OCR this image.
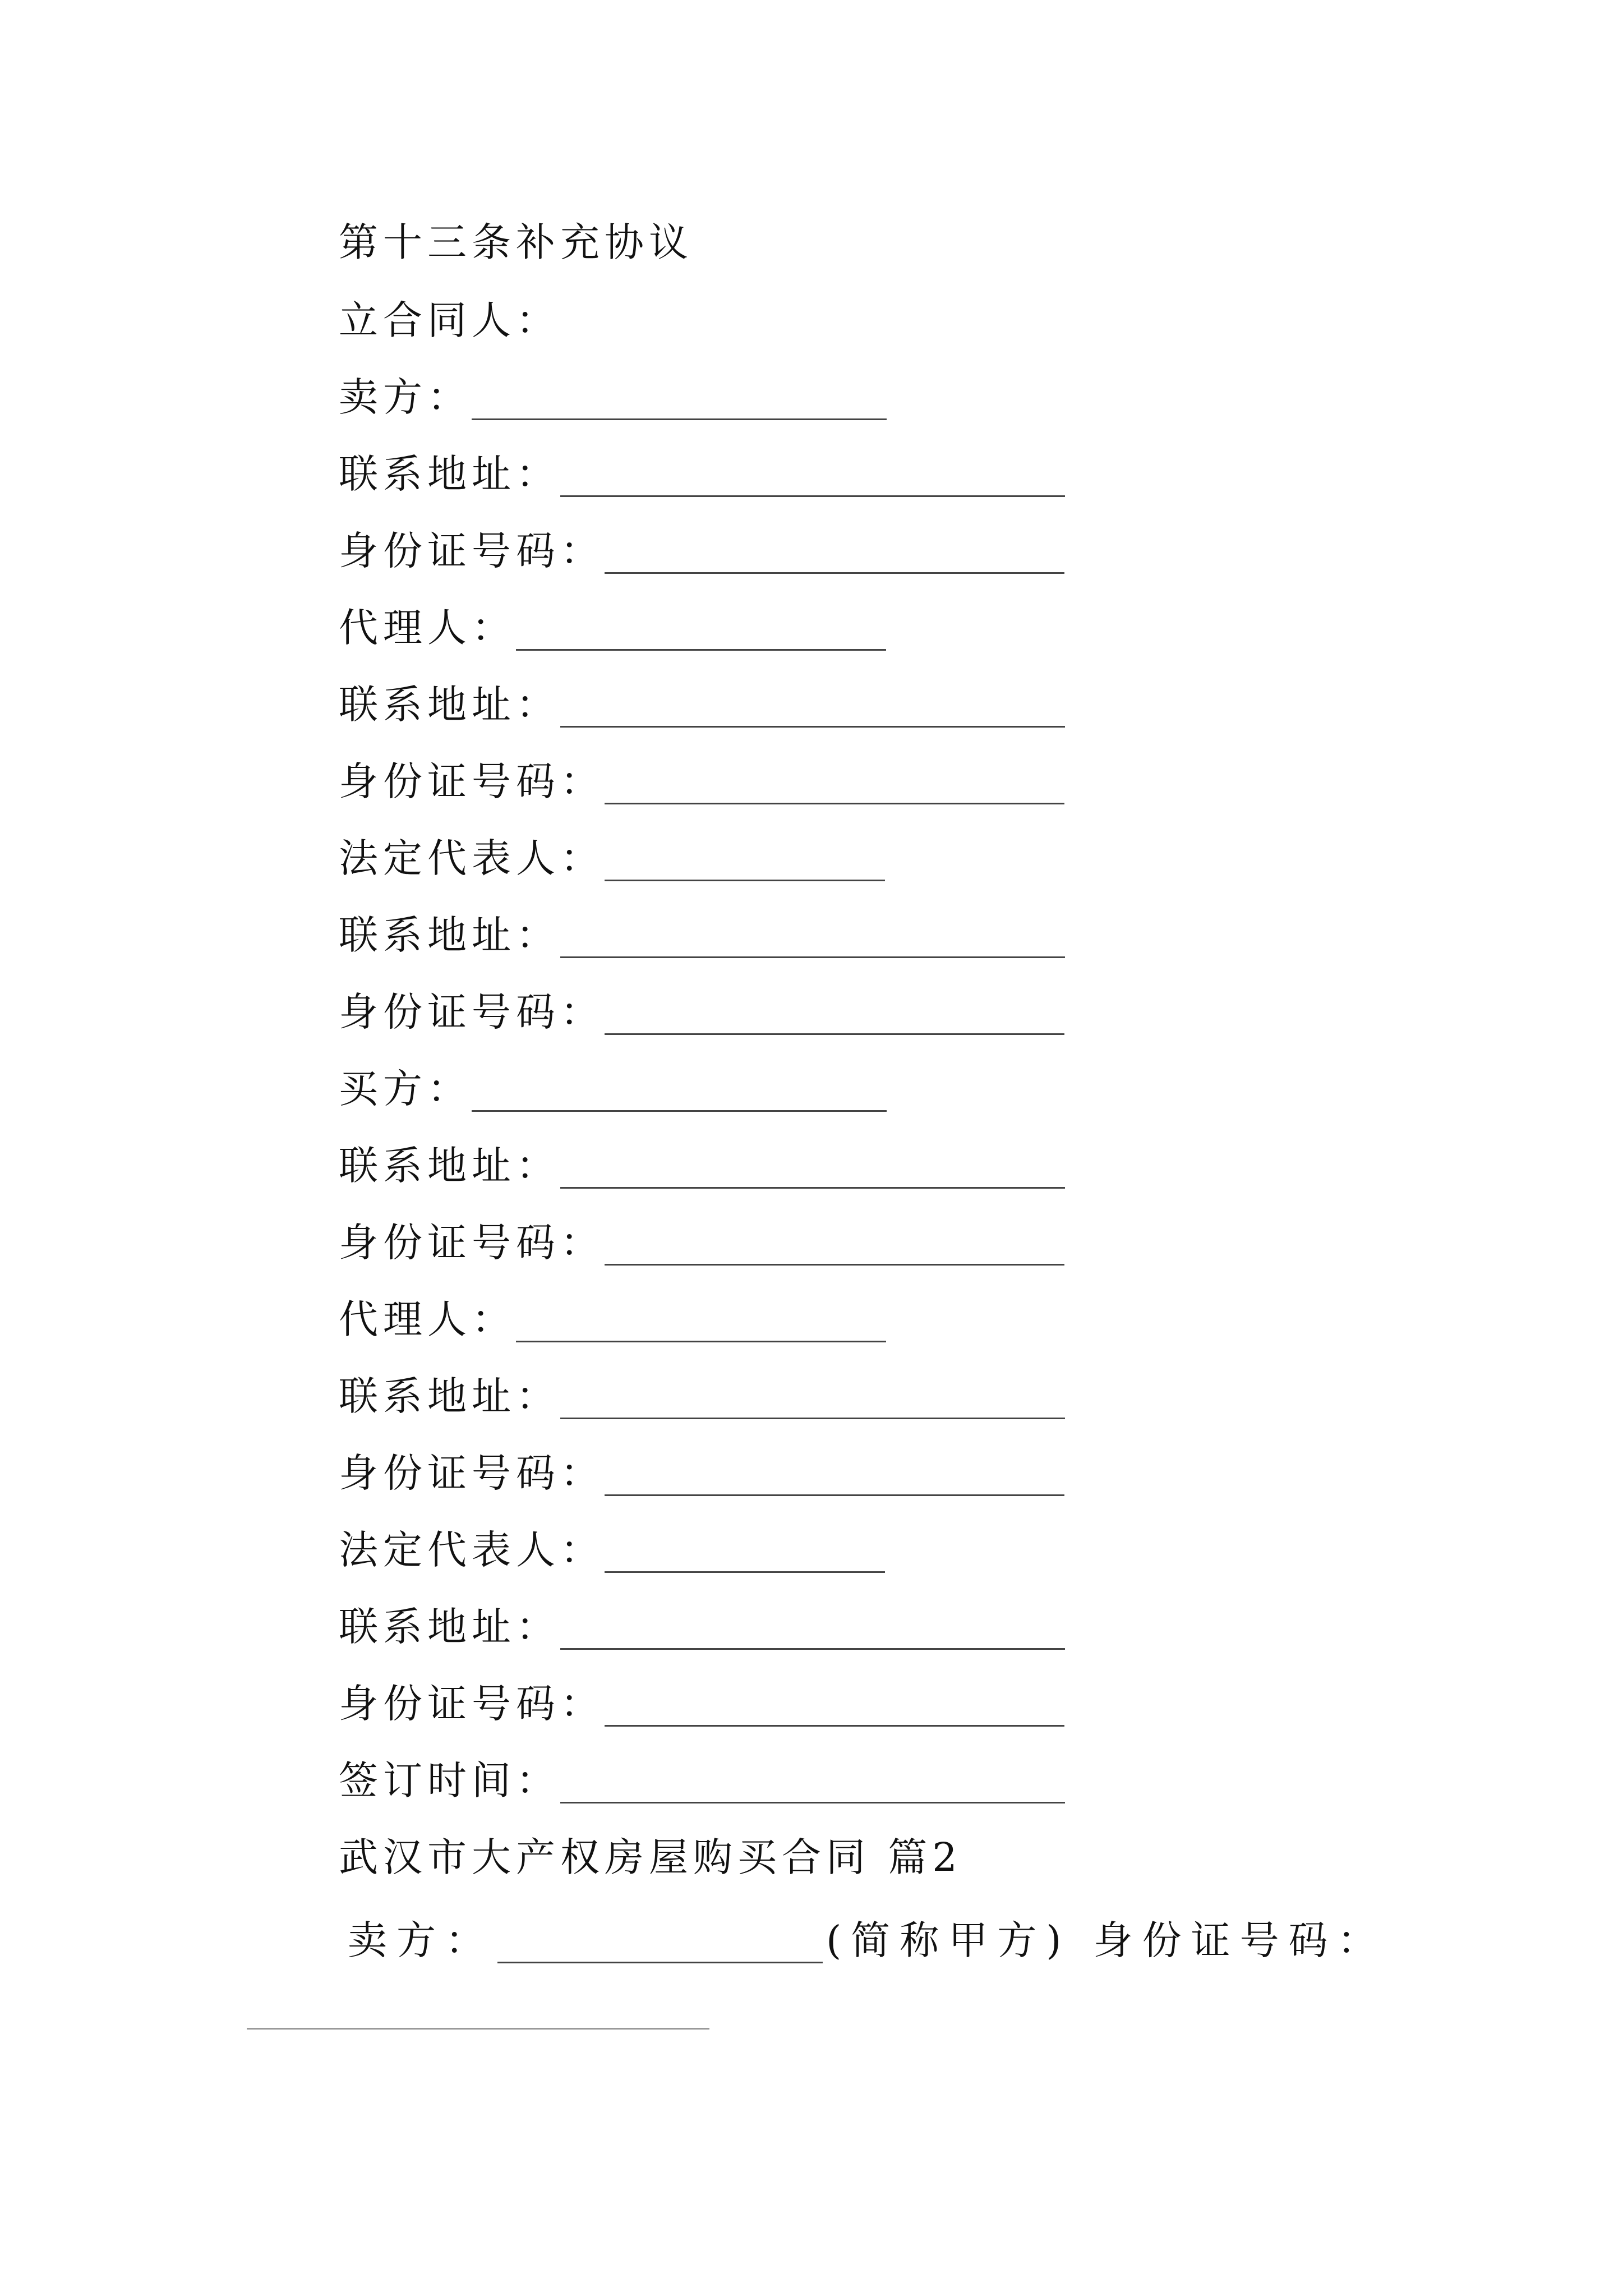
第十三条补充协议
立合同人：
卖方：
联系地址：
身份证号码：
代理人：
联系地址：
身份证号码：
法定代表人：
联系地址：
身份证号码：
买方：
联系地址：
身份证号码：
代理人：
联系地址：
身份证号码：
法定代表人：
联系地址：
身份证号码：
签订时间：
武汉市大产权房屋购买合同 篇2
卖方：	(简称甲方) 身份证号码：
